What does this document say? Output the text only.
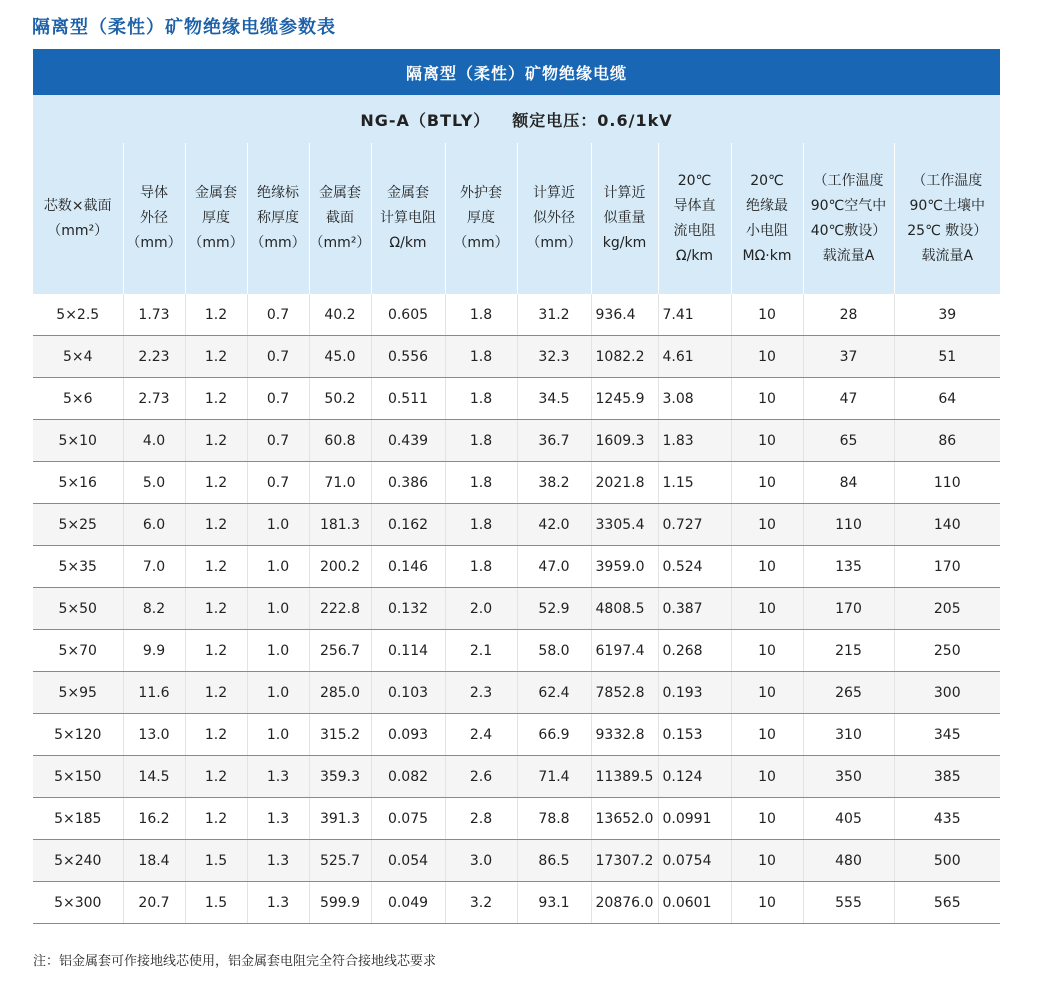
隔离型（柔性）矿物绝缘电缆参数表
隔离型（柔性）矿物绝缘电缆												
NG-A（BTLY） 额定电压：0.6/1kV												

芯数×截面
（mm²）	导体
外径
（mm）	金属套
厚度
（mm）	绝缘标
称厚度
（mm）	金属套
截面
（mm²）	金属套
计算电阻
Ω/km	外护套
厚度
（mm）	计算近
似外径
（mm）	计算近
似重量
kg/km	20℃
导体直
流电阻
Ω/km	20℃
绝缘最
小电阻
MΩ·km	（工作温度
90℃空气中
40℃敷设）
载流量A	（工作温度
90℃土壤中
25℃ 敷设）
载流量A

5×2.5	1.73	1.2	0.7	40.2	0.605	1.8	31.2	936.4	7.41	10	28	39
5×4	2.23	1.2	0.7	45.0	0.556	1.8	32.3	1082.2	4.61	10	37	51
5×6	2.73	1.2	0.7	50.2	0.511	1.8	34.5	1245.9	3.08	10	47	64
5×10	4.0	1.2	0.7	60.8	0.439	1.8	36.7	1609.3	1.83	10	65	86
5×16	5.0	1.2	0.7	71.0	0.386	1.8	38.2	2021.8	1.15	10	84	110
5×25	6.0	1.2	1.0	181.3	0.162	1.8	42.0	3305.4	0.727	10	110	140
5×35	7.0	1.2	1.0	200.2	0.146	1.8	47.0	3959.0	0.524	10	135	170
5×50	8.2	1.2	1.0	222.8	0.132	2.0	52.9	4808.5	0.387	10	170	205
5×70	9.9	1.2	1.0	256.7	0.114	2.1	58.0	6197.4	0.268	10	215	250
5×95	11.6	1.2	1.0	285.0	0.103	2.3	62.4	7852.8	0.193	10	265	300
5×120	13.0	1.2	1.0	315.2	0.093	2.4	66.9	9332.8	0.153	10	310	345
5×150	14.5	1.2	1.3	359.3	0.082	2.6	71.4	11389.5	0.124	10	350	385
5×185	16.2	1.2	1.3	391.3	0.075	2.8	78.8	13652.0	0.0991	10	405	435
5×240	18.4	1.5	1.3	525.7	0.054	3.0	86.5	17307.2	0.0754	10	480	500
5×300	20.7	1.5	1.3	599.9	0.049	3.2	93.1	20876.0	0.0601	10	555	565
注：铝金属套可作接地线芯使用，铝金属套电阻完全符合接地线芯要求
